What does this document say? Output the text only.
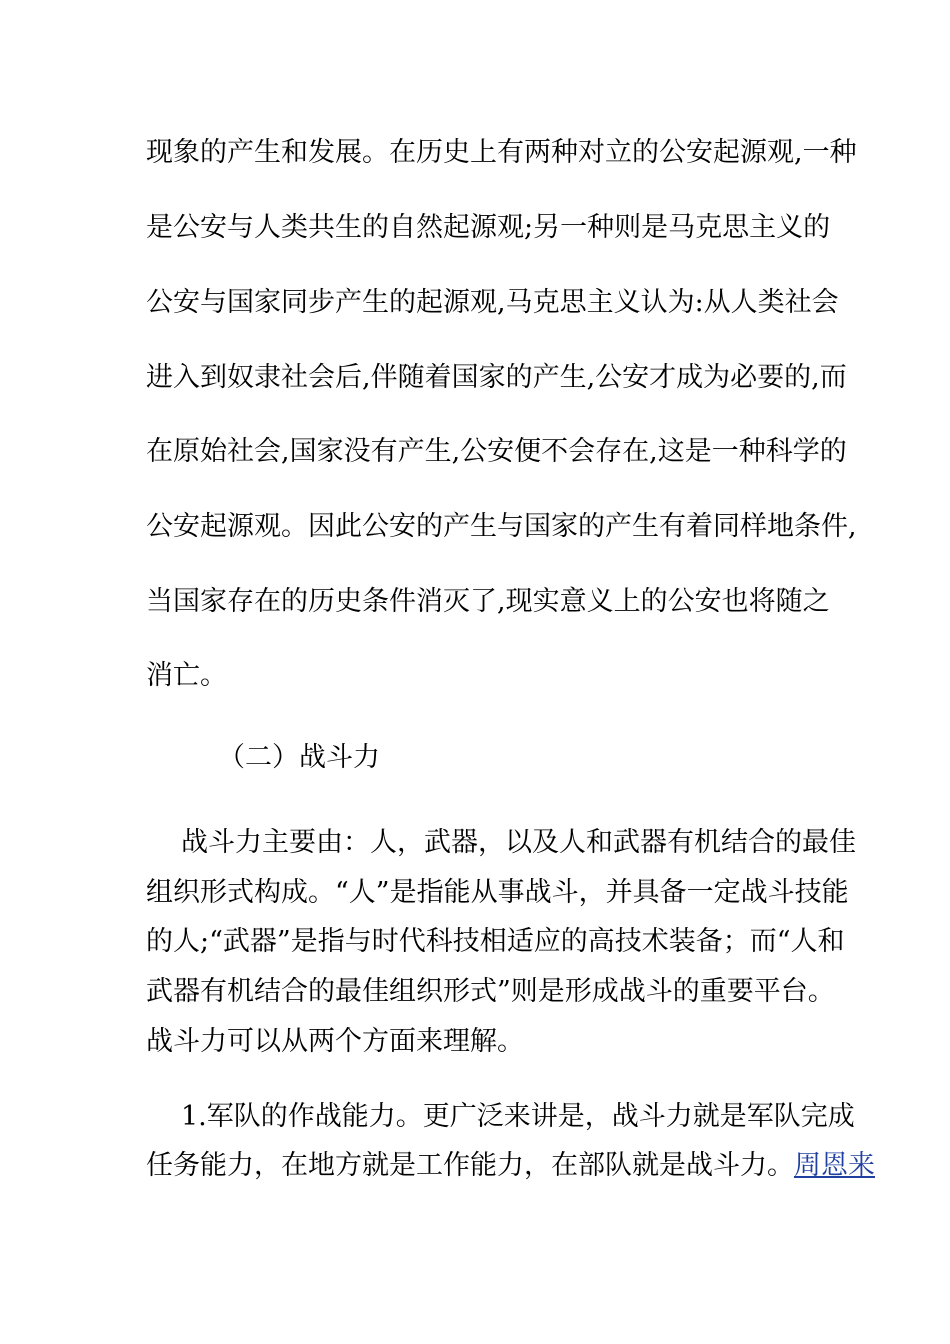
现象的产生和发展。在历史上有两种对立的公安起源观,一种
是公安与人类共生的自然起源观;另一种则是马克思主义的
公安与国家同步产生的起源观,马克思主义认为:从人类社会
进入到奴隶社会后,伴随着国家的产生,公安才成为必要的,而
在原始社会,国家没有产生,公安便不会存在,这是一种科学的
公安起源观。因此公安的产生与国家的产生有着同样地条件,
当国家存在的历史条件消灭了,现实意义上的公安也将随之
消亡。
（二）战斗力
战斗力主要由：人，武器，以及人和武器有机结合的最佳
组织形式构成。“人”是指能从事战斗，并具备一定战斗技能
的人;“武器”是指与时代科技相适应的高技术装备；而“人和
武器有机结合的最佳组织形式”则是形成战斗的重要平台。
战斗力可以从两个方面来理解。
1.军队的作战能力。更广泛来讲是，战斗力就是军队完成
任务能力，在地方就是工作能力，在部队就是战斗力。周恩来
